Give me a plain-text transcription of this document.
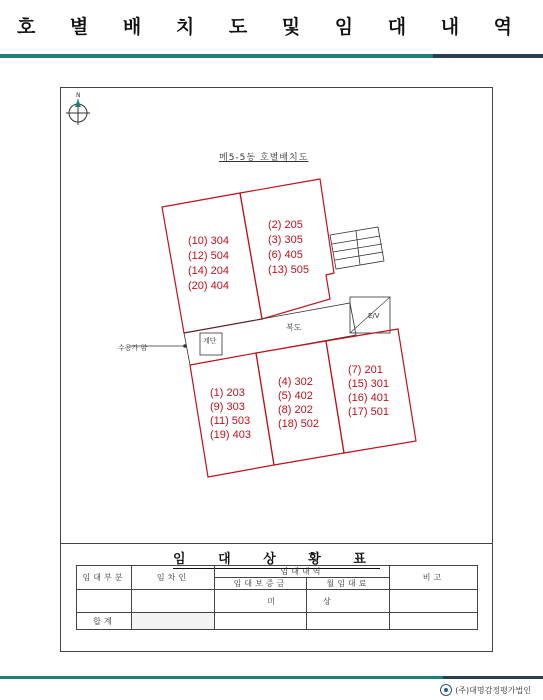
호 별 배 치 도 및 임 대 내 역
메5-5동 호별배치도
N
복도
E/V
계단
수용가 함
(10) 304
(12) 504
(14) 204
(20) 404
(2) 205
(3) 305
(6) 405
(13) 505
(1) 203
(9) 303
(11) 503
(19) 403
(4) 302
(5) 402
(8) 202
(18) 502
(7) 201
(15) 301
(16) 401
(17) 501
임 대 상 황 표
임대부분	임차인	임대내역		비고
		임대보증금	월임대료	
		미	상	
합계				
(주)대명감정평가법인
